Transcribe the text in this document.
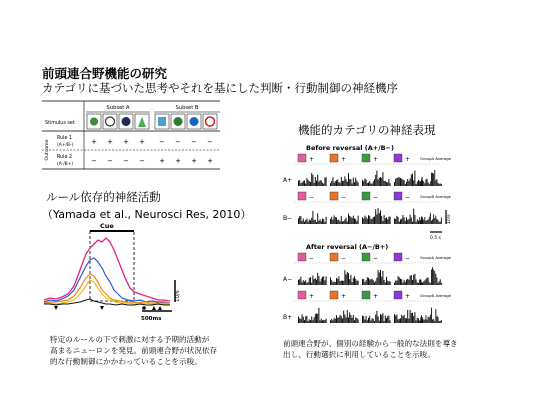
前頭連合野機能の研究
カテゴリに基づいた思考やそれを基にした判断・行動制御の神経機序
機能的カテゴリの神経表現
ルール依存的神経活動
（Yamada et al., Neurosci Res, 2010）
Subset A	Subset B
Stimulus set
Outcome
Rule 1
(A+/B-)
Rule 2
(A-/B+)
+ + + + − − − −
− − − − + + + +
Cue
10/s
500ms
Before reversal (A+/B−)
After reversal (A−/B+)
A+
B−
A−
B+
GroupA Average
GroupB Average
GroupA Average
GroupB Average
+	+	+	+
−	−	−	−
−	−	−	−
+	+	+	+
10/s
0.5 s
特定のルールの下で刺激に対する予期的活動が
高まるニューロンを発見。前頭連合野が状況依存
的な行動制御にかかわっていることを示唆。
前頭連合野が、個別の経験から一般的な法則を導き
出し、行動選択に利用していることを示唆。
